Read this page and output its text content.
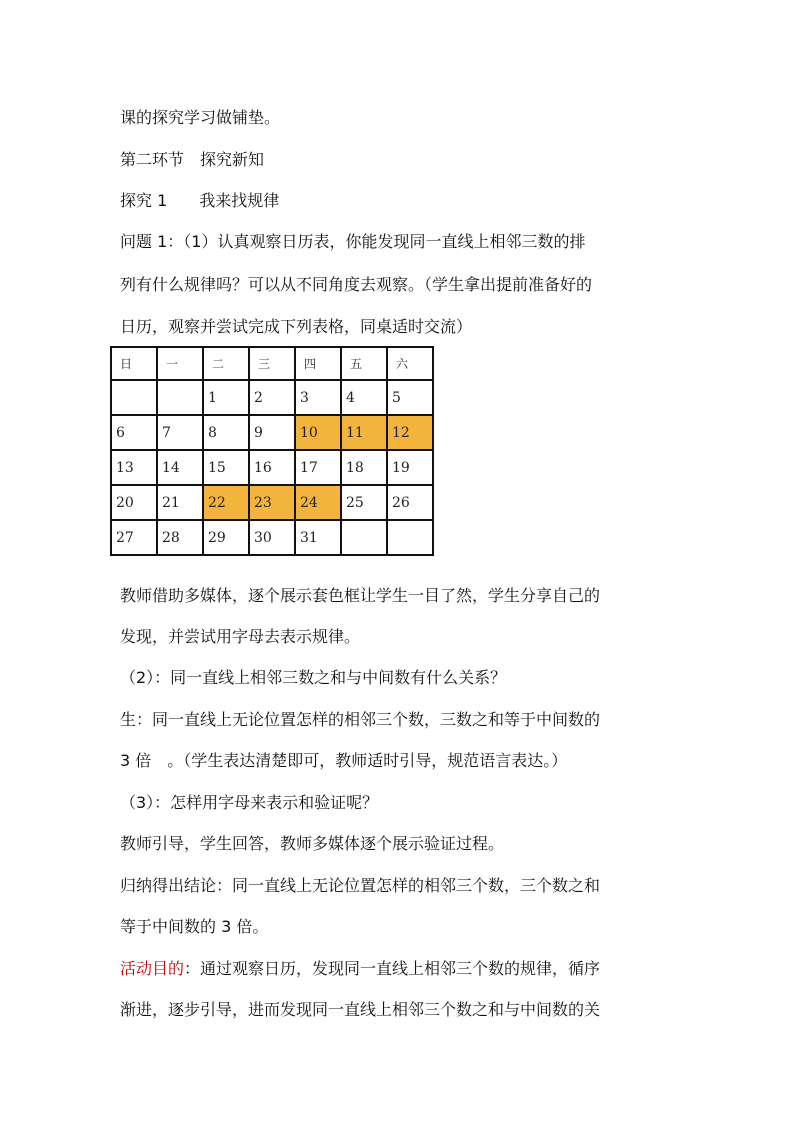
课的探究学习做铺垫。
第二环节　探究新知
探究 1　　我来找规律
问题 1：（1）认真观察日历表，你能发现同一直线上相邻三数的排
列有什么规律吗？可以从不同角度去观察。（学生拿出提前准备好的
日历，观察并尝试完成下列表格，同桌适时交流）
日	一	二	三	四	五	六
		1	2	3	4	5
6	7	8	9	10	11	12
13	14	15	16	17	18	19
20	21	22	23	24	25	26
27	28	29	30	31		
教师借助多媒体，逐个展示套色框让学生一目了然，学生分享自己的
发现，并尝试用字母去表示规律。
（2）：同一直线上相邻三数之和与中间数有什么关系？
生：同一直线上无论位置怎样的相邻三个数，三数之和等于中间数的
3 倍　。（学生表达清楚即可，教师适时引导，规范语言表达。）
（3）：怎样用字母来表示和验证呢？
教师引导，学生回答，教师多媒体逐个展示验证过程。
归纳得出结论：同一直线上无论位置怎样的相邻三个数，三个数之和
等于中间数的 3 倍。
活动目的：通过观察日历，发现同一直线上相邻三个数的规律，循序
渐进，逐步引导，进而发现同一直线上相邻三个数之和与中间数的关
